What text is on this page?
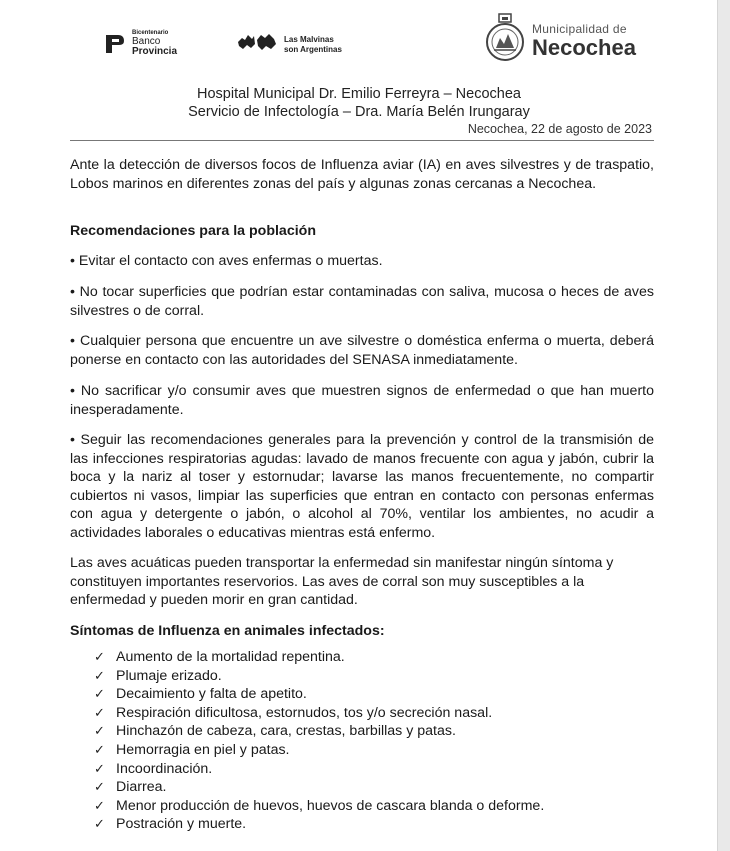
Bicentenario
Banco
Provincia
Las Malvinas
son Argentinas
Municipalidad de
Necochea
Hospital Municipal Dr. Emilio Ferreyra – Necochea
Servicio de Infectología – Dra. María Belén Irungaray
Necochea, 22 de agosto de 2023
Ante la detección de diversos focos de Influenza aviar (IA) en aves silvestres y de traspatio, Lobos marinos en diferentes zonas del país y algunas zonas cercanas a Necochea.
Recomendaciones para la población
• Evitar el contacto con aves enfermas o muertas.
• No tocar superficies que podrían estar contaminadas con saliva, mucosa o heces de aves silvestres o de corral.
• Cualquier persona que encuentre un ave silvestre o doméstica enferma o muerta, deberá ponerse en contacto con las autoridades del SENASA inmediatamente.
• No sacrificar y/o consumir aves que muestren signos de enfermedad o que han muerto inesperadamente.
• Seguir las recomendaciones generales para la prevención y control de la transmisión de las infecciones respiratorias agudas: lavado de manos frecuente con agua y jabón, cubrir la boca y la nariz al toser y estornudar; lavarse las manos frecuentemente, no compartir cubiertos ni vasos, limpiar las superficies que entran en contacto con personas enfermas con agua y detergente o jabón, o alcohol al 70%, ventilar los ambientes, no acudir a actividades laborales o educativas mientras está enfermo.
Las aves acuáticas pueden transportar la enfermedad sin manifestar ningún síntoma y constituyen importantes reservorios. Las aves de corral son muy susceptibles a la enfermedad y pueden morir en gran cantidad.
Síntomas de Influenza en animales infectados:
✓ Aumento de la mortalidad repentina.
✓ Plumaje erizado.
✓ Decaimiento y falta de apetito.
✓ Respiración dificultosa, estornudos, tos y/o secreción nasal.
✓ Hinchazón de cabeza, cara, crestas, barbillas y patas.
✓ Hemorragia en piel y patas.
✓ Incoordinación.
✓ Diarrea.
✓ Menor producción de huevos, huevos de cascara blanda o deforme.
✓ Postración y muerte.
